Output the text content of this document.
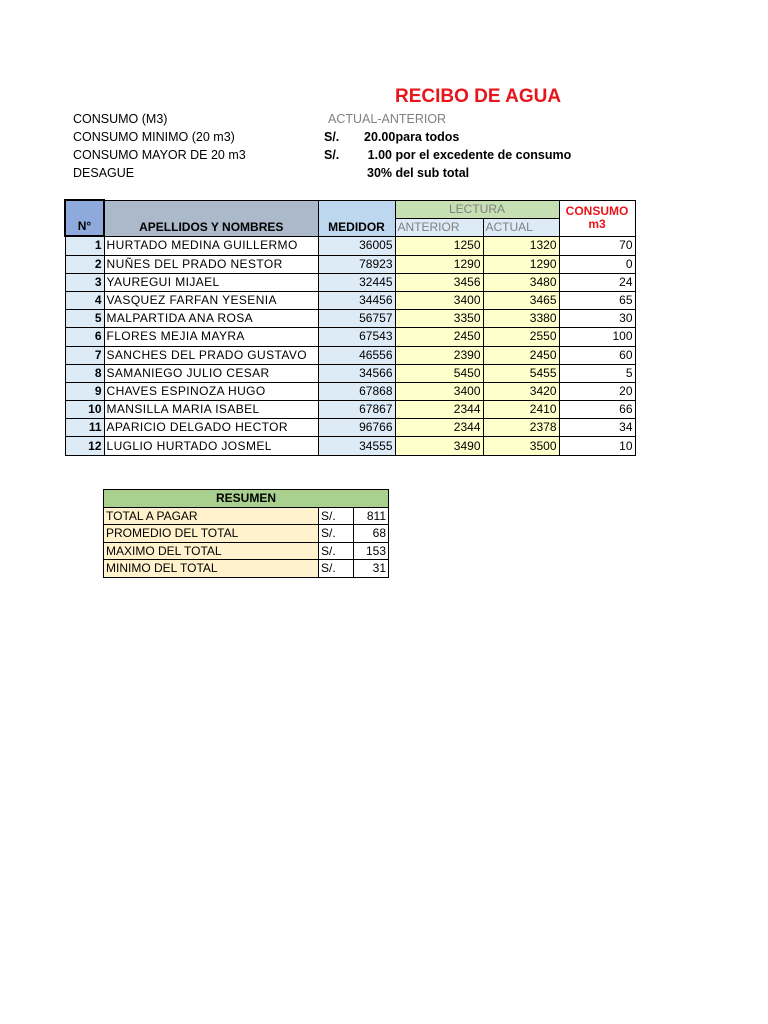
RECIBO DE AGUA
CONSUMO (M3)	ACTUAL-ANTERIOR
CONSUMO MINIMO (20 m3)	S/. 20.00 para todos
CONSUMO MAYOR DE 20 m3	S/. 1.00 por el excedente de consumo
DESAGUE	30% del sub total
N°	APELLIDOS Y NOMBRES	MEDIDOR	LECTURA		CONSUMO
m3
			ANTERIOR	ACTUAL	
1	HURTADO MEDINA GUILLERMO	36005	1250	1320	70
2	NUÑES DEL PRADO NESTOR	78923	1290	1290	0
3	YAUREGUI MIJAEL	32445	3456	3480	24
4	VASQUEZ FARFAN YESENIA	34456	3400	3465	65
5	MALPARTIDA ANA ROSA	56757	3350	3380	30
6	FLORES MEJIA MAYRA	67543	2450	2550	100
7	SANCHES DEL PRADO GUSTAVO	46556	2390	2450	60
8	SAMANIEGO JULIO CESAR	34566	5450	5455	5
9	CHAVES ESPINOZA HUGO	67868	3400	3420	20
10	MANSILLA MARIA ISABEL	67867	2344	2410	66
11	APARICIO DELGADO HECTOR	96766	2344	2378	34
12	LUGLIO HURTADO JOSMEL	34555	3490	3500	10
RESUMEN		
TOTAL A PAGAR	S/.	811
PROMEDIO DEL TOTAL	S/.	68
MAXIMO DEL TOTAL	S/.	153
MINIMO DEL TOTAL	S/.	31
